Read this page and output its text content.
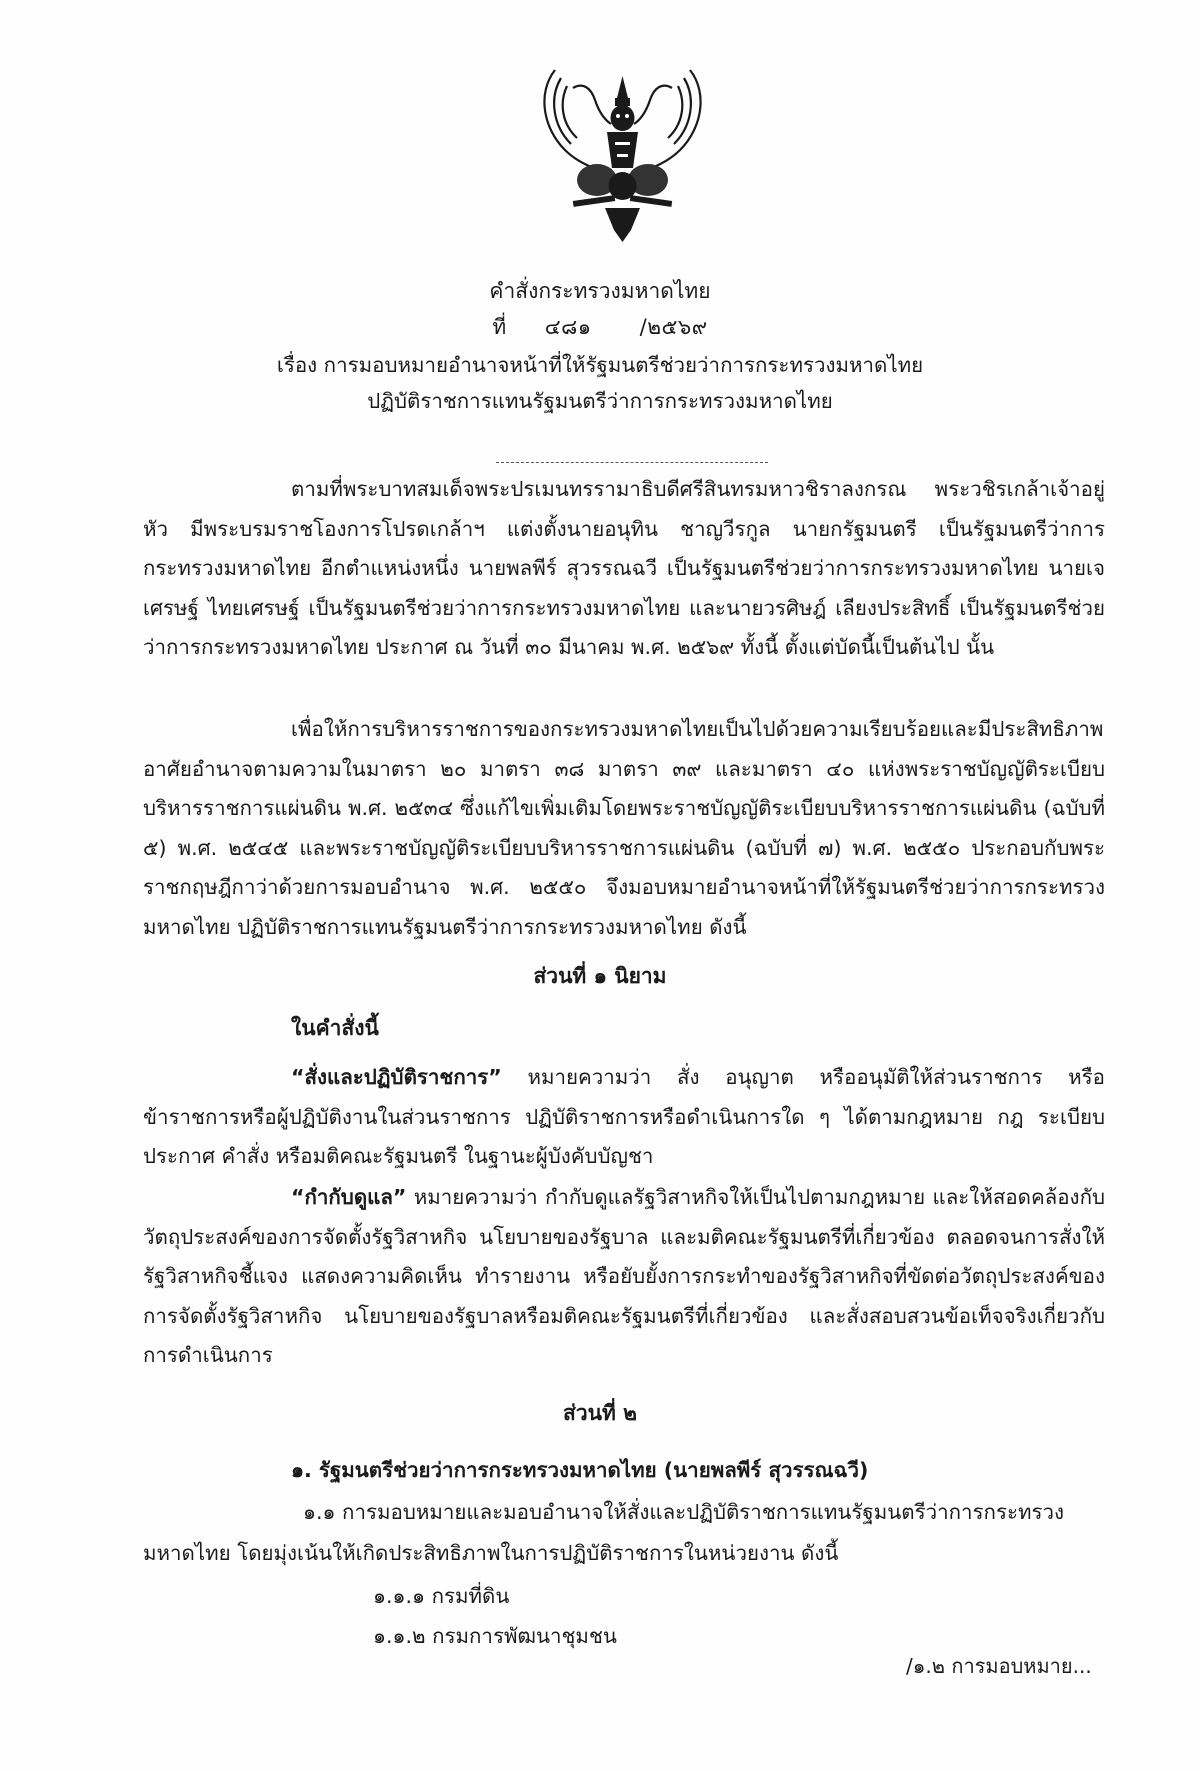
คำสั่งกระทรวงมหาดไทย
ที่ ๔๘๑ /๒๕๖๙
เรื่อง การมอบหมายอำนาจหน้าที่ให้รัฐมนตรีช่วยว่าการกระทรวงมหาดไทย
ปฏิบัติราชการแทนรัฐมนตรีว่าการกระทรวงมหาดไทย

ตามที่พระบาทสมเด็จพระปรเมนทรรามาธิบดีศรีสินทรมหาวชิราลงกรณ พระวชิรเกล้าเจ้าอยู่หัว มีพระบรมราชโองการโปรดเกล้าฯ แต่งตั้งนายอนุทิน ชาญวีรกูล นายกรัฐมนตรี เป็นรัฐมนตรีว่าการกระทรวงมหาดไทย อีกตำแหน่งหนึ่ง นายพลพีร์ สุวรรณฉวี เป็นรัฐมนตรีช่วยว่าการกระทรวงมหาดไทย นายเจเศรษฐ์ ไทยเศรษฐ์ เป็นรัฐมนตรีช่วยว่าการกระทรวงมหาดไทย และนายวรศิษฎ์ เลียงประสิทธิ์ เป็นรัฐมนตรีช่วยว่าการกระทรวงมหาดไทย ประกาศ ณ วันที่ ๓๐ มีนาคม พ.ศ. ๒๕๖๙ ทั้งนี้ ตั้งแต่บัดนี้เป็นต้นไป นั้น

เพื่อให้การบริหารราชการของกระทรวงมหาดไทยเป็นไปด้วยความเรียบร้อยและมีประสิทธิภาพ อาศัยอำนาจตามความในมาตรา ๒๐ มาตรา ๓๘ มาตรา ๓๙ และมาตรา ๔๐ แห่งพระราชบัญญัติระเบียบบริหารราชการแผ่นดิน พ.ศ. ๒๕๓๔ ซึ่งแก้ไขเพิ่มเติมโดยพระราชบัญญัติระเบียบบริหารราชการแผ่นดิน (ฉบับที่ ๕) พ.ศ. ๒๕๔๕ และพระราชบัญญัติระเบียบบริหารราชการแผ่นดิน (ฉบับที่ ๗) พ.ศ. ๒๕๕๐ ประกอบกับพระราชกฤษฎีกาว่าด้วยการมอบอำนาจ พ.ศ. ๒๕๕๐ จึงมอบหมายอำนาจหน้าที่ให้รัฐมนตรีช่วยว่าการกระทรวงมหาดไทย ปฏิบัติราชการแทนรัฐมนตรีว่าการกระทรวงมหาดไทย ดังนี้

ส่วนที่ ๑ นิยาม
ในคำสั่งนี้

“สั่งและปฏิบัติราชการ” หมายความว่า สั่ง อนุญาต หรืออนุมัติให้ส่วนราชการ หรือข้าราชการหรือผู้ปฏิบัติงานในส่วนราชการ ปฏิบัติราชการหรือดำเนินการใด ๆ ได้ตามกฎหมาย กฎ ระเบียบ ประกาศ คำสั่ง หรือมติคณะรัฐมนตรี ในฐานะผู้บังคับบัญชา

“กำกับดูแล” หมายความว่า กำกับดูแลรัฐวิสาหกิจให้เป็นไปตามกฎหมาย และให้สอดคล้องกับวัตถุประสงค์ของการจัดตั้งรัฐวิสาหกิจ นโยบายของรัฐบาล และมติคณะรัฐมนตรีที่เกี่ยวข้อง ตลอดจนการสั่งให้รัฐวิสาหกิจชี้แจง แสดงความคิดเห็น ทำรายงาน หรือยับยั้งการกระทำของรัฐวิสาหกิจที่ขัดต่อวัตถุประสงค์ของการจัดตั้งรัฐวิสาหกิจ นโยบายของรัฐบาลหรือมติคณะรัฐมนตรีที่เกี่ยวข้อง และสั่งสอบสวนข้อเท็จจริงเกี่ยวกับการดำเนินการ

ส่วนที่ ๒
๑. รัฐมนตรีช่วยว่าการกระทรวงมหาดไทย (นายพลพีร์ สุวรรณฉวี)

๑.๑ การมอบหมายและมอบอำนาจให้สั่งและปฏิบัติราชการแทนรัฐมนตรีว่าการกระทรวงมหาดไทย โดยมุ่งเน้นให้เกิดประสิทธิภาพในการปฏิบัติราชการในหน่วยงาน ดังนี้

๑.๑.๑ กรมที่ดิน
๑.๑.๒ กรมการพัฒนาชุมชน
/๑.๒ การมอบหมาย...
